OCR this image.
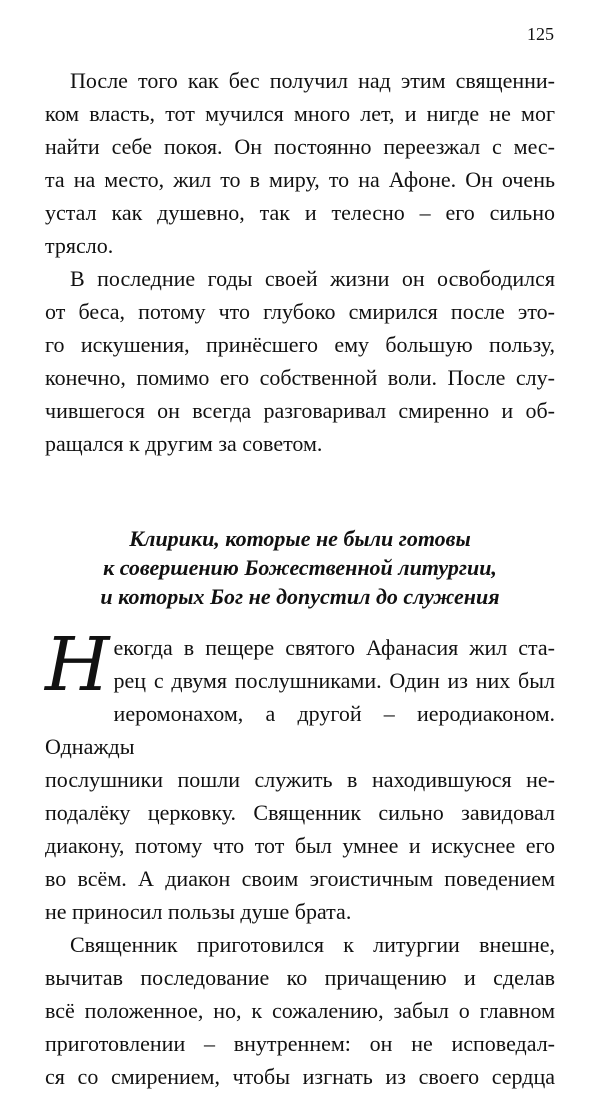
125

После того как бес получил над этим священни-
ком власть, тот мучился много лет, и нигде не мог
найти себе покоя. Он постоянно переезжал с мес-
та на место, жил то в миру, то на Афоне. Он очень
устал как душевно, так и телесно – его сильно
трясло.

В последние годы своей жизни он освободился
от беса, потому что глубоко смирился после это-
го искушения, принёсшего ему большую пользу,
конечно, помимо его собственной воли. После слу-
чившегося он всегда разговаривал смиренно и об-
ращался к другим за советом.

Клирики, которые не были готовы
к совершению Божественной литургии,
и которых Бог не допустил до служения

Н екогда в пещере святого Афанасия жил ста-
рец с двумя послушниками. Один из них был
иеромонахом, а другой – иеродиаконом. Однажды
послушники пошли служить в находившуюся не-
подалёку церковку. Священник сильно завидовал
диакону, потому что тот был умнее и искуснее его
во всём. А диакон своим эгоистичным поведением
не приносил пользы душе брата.

Священник приготовился к литургии внешне,
вычитав последование ко причащению и сделав
всё положенное, но, к сожалению, забыл о главном
приготовлении – внутреннем: он не исповедал-
ся со смирением, чтобы изгнать из своего сердца
